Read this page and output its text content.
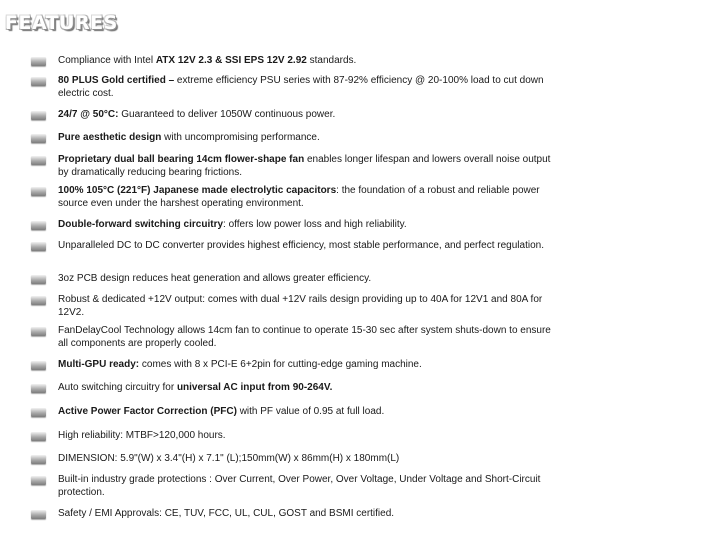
FEATURES
Compliance with Intel ATX 12V 2.3 & SSI EPS 12V 2.92 standards.
80 PLUS Gold certified – extreme efficiency PSU series with 87-92% efficiency @ 20-100% load to cut down electric cost.
24/7 @ 50°C: Guaranteed to deliver 1050W continuous power.
Pure aesthetic design with uncompromising performance.
Proprietary dual ball bearing 14cm flower-shape fan enables longer lifespan and lowers overall noise output by dramatically reducing bearing frictions.
100% 105°C (221°F) Japanese made electrolytic capacitors: the foundation of a robust and reliable power source even under the harshest operating environment.
Double-forward switching circuitry: offers low power loss and high reliability.
Unparalleled DC to DC converter provides highest efficiency, most stable performance, and perfect regulation.
3oz PCB design reduces heat generation and allows greater efficiency.
Robust & dedicated +12V output: comes with dual +12V rails design providing up to 40A for 12V1 and 80A for 12V2.
FanDelayCool Technology allows 14cm fan to continue to operate 15-30 sec after system shuts-down to ensure all components are properly cooled.
Multi-GPU ready: comes with 8 x PCI-E 6+2pin for cutting-edge gaming machine.
Auto switching circuitry for universal AC input from 90-264V.
Active Power Factor Correction (PFC) with PF value of 0.95 at full load.
High reliability: MTBF>120,000 hours.
DIMENSION: 5.9"(W) x 3.4"(H) x 7.1" (L);150mm(W) x 86mm(H) x 180mm(L)
Built-in industry grade protections : Over Current, Over Power, Over Voltage, Under Voltage and Short-Circuit protection.
Safety / EMI Approvals: CE, TUV, FCC, UL, CUL, GOST and BSMI certified.
